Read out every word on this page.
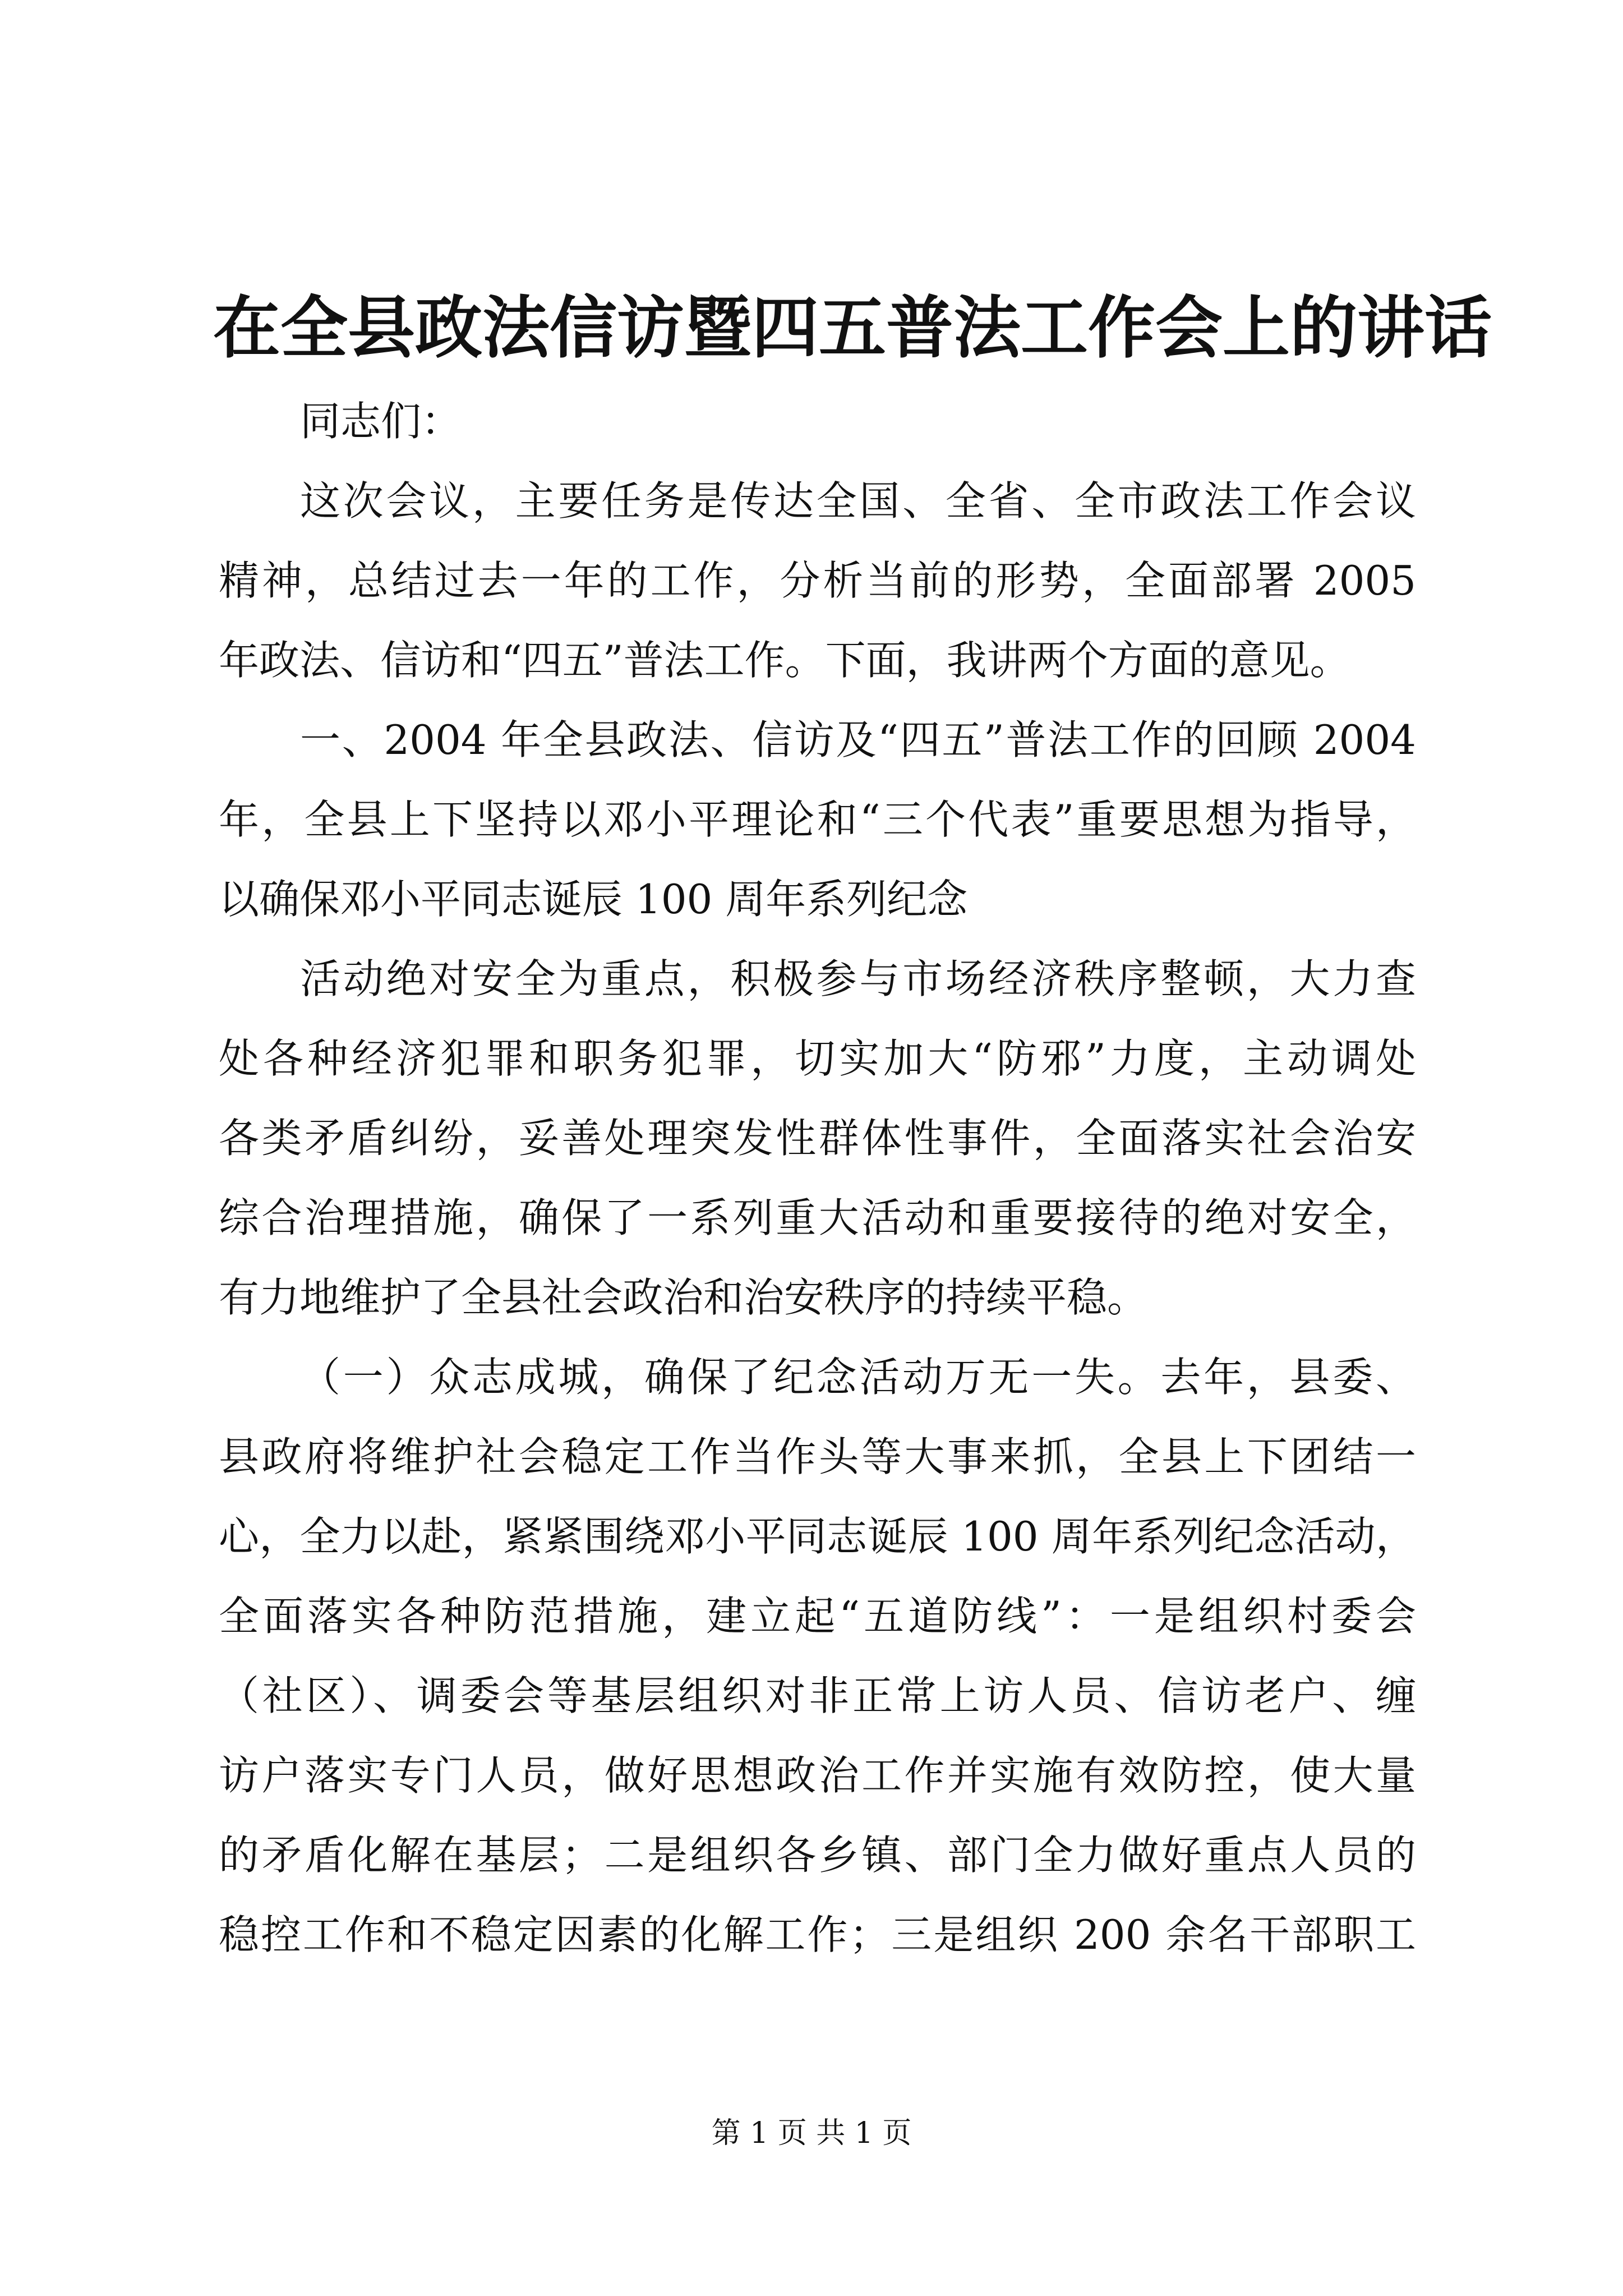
在全县政法信访暨四五普法工作会上的讲话
同志们：
这次会议，主要任务是传达全国、全省、全市政法工作会议
精神，总结过去一年的工作，分析当前的形势，全面部署 2005
年政法、信访和“四五”普法工作。下面，我讲两个方面的意见。
一、2004 年全县政法、信访及“四五”普法工作的回顾 2004
年，全县上下坚持以邓小平理论和“三个代表”重要思想为指导，
以确保邓小平同志诞辰 100 周年系列纪念
活动绝对安全为重点，积极参与市场经济秩序整顿，大力查
处各种经济犯罪和职务犯罪，切实加大“防邪”力度，主动调处
各类矛盾纠纷，妥善处理突发性群体性事件，全面落实社会治安
综合治理措施，确保了一系列重大活动和重要接待的绝对安全，
有力地维护了全县社会政治和治安秩序的持续平稳。
（一）众志成城，确保了纪念活动万无一失。去年，县委、
县政府将维护社会稳定工作当作头等大事来抓，全县上下团结一
心，全力以赴，紧紧围绕邓小平同志诞辰 100 周年系列纪念活动，
全面落实各种防范措施，建立起“五道防线”：一是组织村委会
（社区）、调委会等基层组织对非正常上访人员、信访老户、缠
访户落实专门人员，做好思想政治工作并实施有效防控，使大量
的矛盾化解在基层；二是组织各乡镇、部门全力做好重点人员的
稳控工作和不稳定因素的化解工作；三是组织 200 余名干部职工
第 1 页 共 1 页
